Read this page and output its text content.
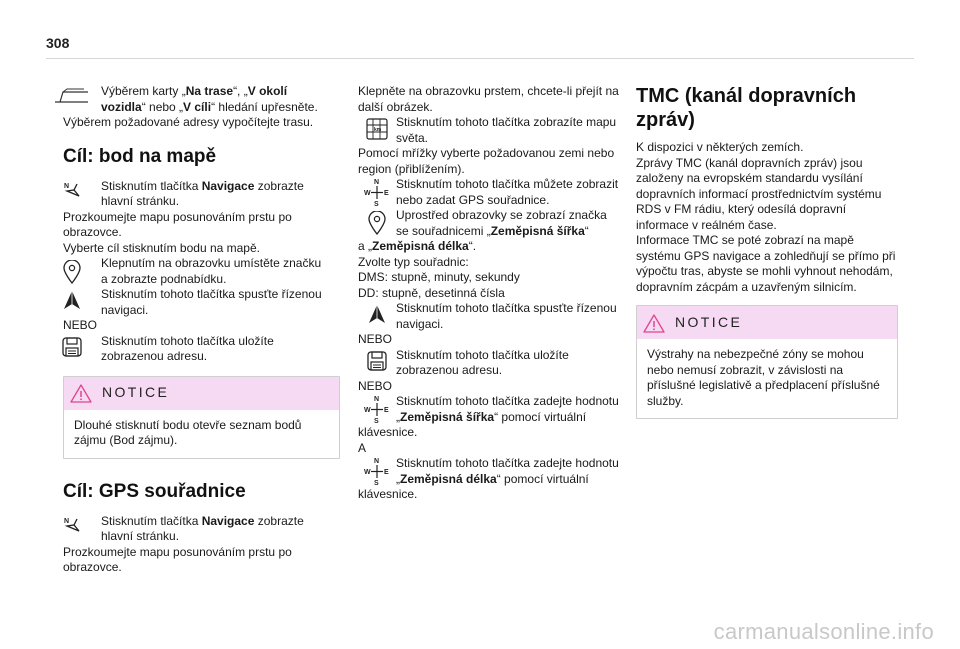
308

Výběrem karty „Na trase“, „V okolí

vozidla“ nebo „V cíli“ hledání upřesněte.

Výběrem požadované adresy vypočítejte trasu.

Cíl: bod na mapě
N	Stisknutím tlačítka Navigace zobrazte

hlavní stránku.

Prozkoumejte mapu posunováním prstu po

obrazovce.

Vyberte cíl stisknutím bodu na mapě.

Klepnutím na obrazovku umístěte značku

a zobrazte podnabídku.

Stisknutím tohoto tlačítka spusťte řízenou

navigaci.

NEBO

Stisknutím tohoto tlačítka uložíte

zobrazenou adresu.

NOTICE

Dlouhé stisknutí bodu otevře seznam bodů

zájmu (Bod zájmu).

Cíl: GPS souřadnice
N	Stisknutím tlačítka Navigace zobrazte

hlavní stránku.

Prozkoumejte mapu posunováním prstu po

obrazovce.

Klepněte na obrazovku prstem, chcete-li přejít na

další obrázek.

km

Stisknutím tohoto tlačítka zobrazíte mapu

světa.

Pomocí mřížky vyberte požadovanou zemi nebo

region (přiblížením).

N
W E
S

Stisknutím tohoto tlačítka můžete zobrazit

nebo zadat GPS souřadnice.

Uprostřed obrazovky se zobrazí značka

se souřadnicemi „Zeměpisná šířka“

a „Zeměpisná délka“.

Zvolte typ souřadnic:

DMS: stupně, minuty, sekundy

DD: stupně, desetinná čísla

Stisknutím tohoto tlačítka spusťte řízenou

navigaci.

NEBO

Stisknutím tohoto tlačítka uložíte

zobrazenou adresu.

NEBO

N
W E
S

Stisknutím tohoto tlačítka zadejte hodnotu

„Zeměpisná šířka“ pomocí virtuální

klávesnice.

A

N
W E
S

Stisknutím tohoto tlačítka zadejte hodnotu

„Zeměpisná délka“ pomocí virtuální

klávesnice.

TMC (kanál dopravních
zpráv)

K dispozici v některých zemích.

Zprávy TMC (kanál dopravních zpráv) jsou

založeny na evropském standardu vysílání

dopravních informací prostřednictvím systému

RDS v FM rádiu, který odesílá dopravní

informace v reálném čase.

Informace TMC se poté zobrazí na mapě

systému GPS navigace a zohledňují se přímo při

výpočtu tras, abyste se mohli vyhnout nehodám,

dopravním zácpám a uzavřeným silnicím.

NOTICE

Výstrahy na nebezpečné zóny se mohou

nebo nemusí zobrazit, v závislosti na

příslušné legislativě a předplacení příslušné

služby.

carmanualsonline.info
